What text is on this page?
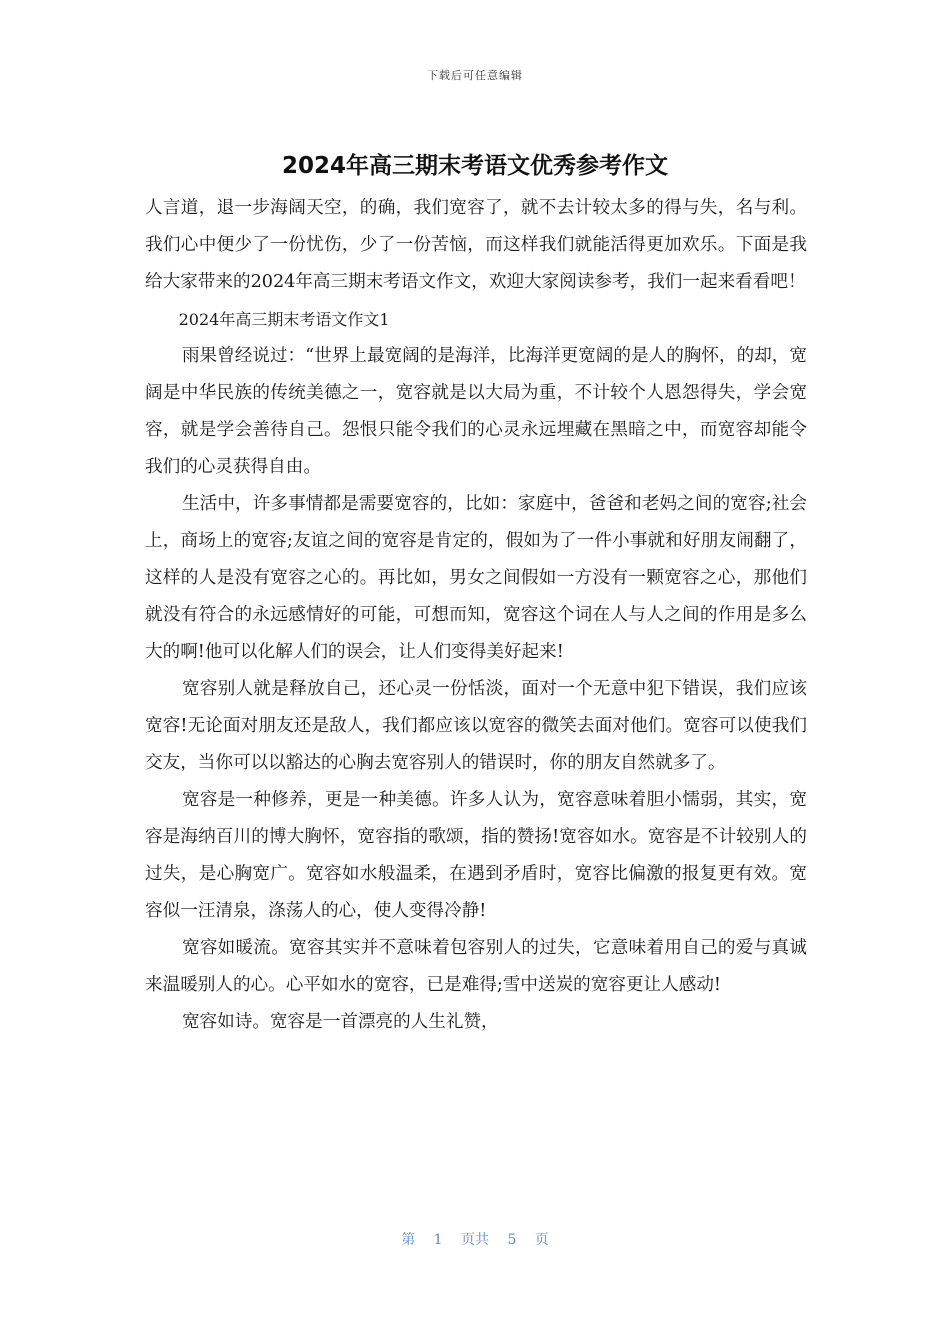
下载后可任意编辑
2024年高三期末考语文优秀参考作文

人言道，退一步海阔天空，的确，我们宽容了，就不去计较太多的得与失，名与利。我们心中便少了一份忧伤，少了一份苦恼，而这样我们就能活得更加欢乐。下面是我给大家带来的2024年高三期末考语文作文，欢迎大家阅读参考，我们一起来看看吧！

2024年高三期末考语文作文1

雨果曾经说过：“世界上最宽阔的是海洋，比海洋更宽阔的是人的胸怀，的却，宽阔是中华民族的传统美德之一，宽容就是以大局为重，不计较个人恩怨得失，学会宽容，就是学会善待自己。怨恨只能令我们的心灵永远埋藏在黑暗之中，而宽容却能令我们的心灵获得自由。

生活中，许多事情都是需要宽容的，比如：家庭中，爸爸和老妈之间的宽容;社会上，商场上的宽容;友谊之间的宽容是肯定的，假如为了一件小事就和好朋友闹翻了，这样的人是没有宽容之心的。再比如，男女之间假如一方没有一颗宽容之心，那他们就没有符合的永远感情好的可能，可想而知，宽容这个词在人与人之间的作用是多么大的啊!他可以化解人们的误会，让人们变得美好起来!

宽容别人就是释放自己，还心灵一份恬淡，面对一个无意中犯下错误，我们应该宽容!无论面对朋友还是敌人，我们都应该以宽容的微笑去面对他们。宽容可以使我们交友，当你可以以豁达的心胸去宽容别人的错误时，你的朋友自然就多了。

宽容是一种修养，更是一种美德。许多人认为，宽容意味着胆小懦弱，其实，宽容是海纳百川的博大胸怀，宽容指的歌颂，指的赞扬!宽容如水。宽容是不计较别人的过失，是心胸宽广。宽容如水般温柔，在遇到矛盾时，宽容比偏激的报复更有效。宽容似一汪清泉，涤荡人的心，使人变得冷静!

宽容如暖流。宽容其实并不意味着包容别人的过失，它意味着用自己的爱与真诚来温暖别人的心。心平如水的宽容，已是难得;雪中送炭的宽容更让人感动!

宽容如诗。宽容是一首漂亮的人生礼赞，

第 1 页共 5 页
